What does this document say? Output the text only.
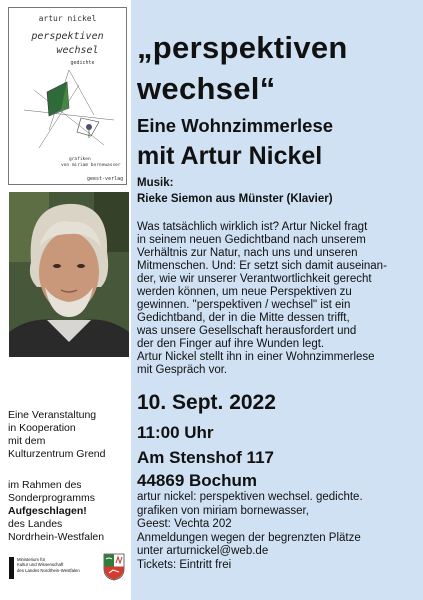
artur nickel
perspektiven
wechsel
gedichte
grafiken
von miriam bornewasser
geest-verlag
Eine Veranstaltung
in Kooperation
mit dem
Kulturzentrum Grend
im Rahmen des
Sonderprogramms
Aufgeschlagen!
des Landes
Nordrhein-Westfalen
Ministerium für
Kultur und Wissenschaft
des Landes Nordrhein-Westfalen
„perspektiven
wechsel“
Eine Wohnzimmerlese
mit Artur Nickel
Musik:
Rieke Siemon aus Münster (Klavier)
Was tatsächlich wirklich ist? Artur Nickel fragt
in seinem neuen Gedichtband nach unserem
Verhältnis zur Natur, nach uns und unseren
Mitmenschen. Und: Er setzt sich damit auseinan-
der, wie wir unserer Verantwortlichkeit gerecht
werden können, um neue Perspektiven zu
gewinnen. "perspektiven / wechsel" ist ein
Gedichtband, der in die Mitte dessen trifft,
was unsere Gesellschaft herausfordert und
der den Finger auf ihre Wunden legt.
Artur Nickel stellt ihn in einer Wohnzimmerlese
mit Gespräch vor.
10. Sept. 2022
11:00 Uhr
Am Stenshof 117
44869 Bochum
artur nickel: perspektiven wechsel. gedichte.
grafiken von miriam bornewasser,
Geest: Vechta 202
Anmeldungen wegen der begrenzten Plätze
unter arturnickel@web.de
Tickets: Eintritt frei
